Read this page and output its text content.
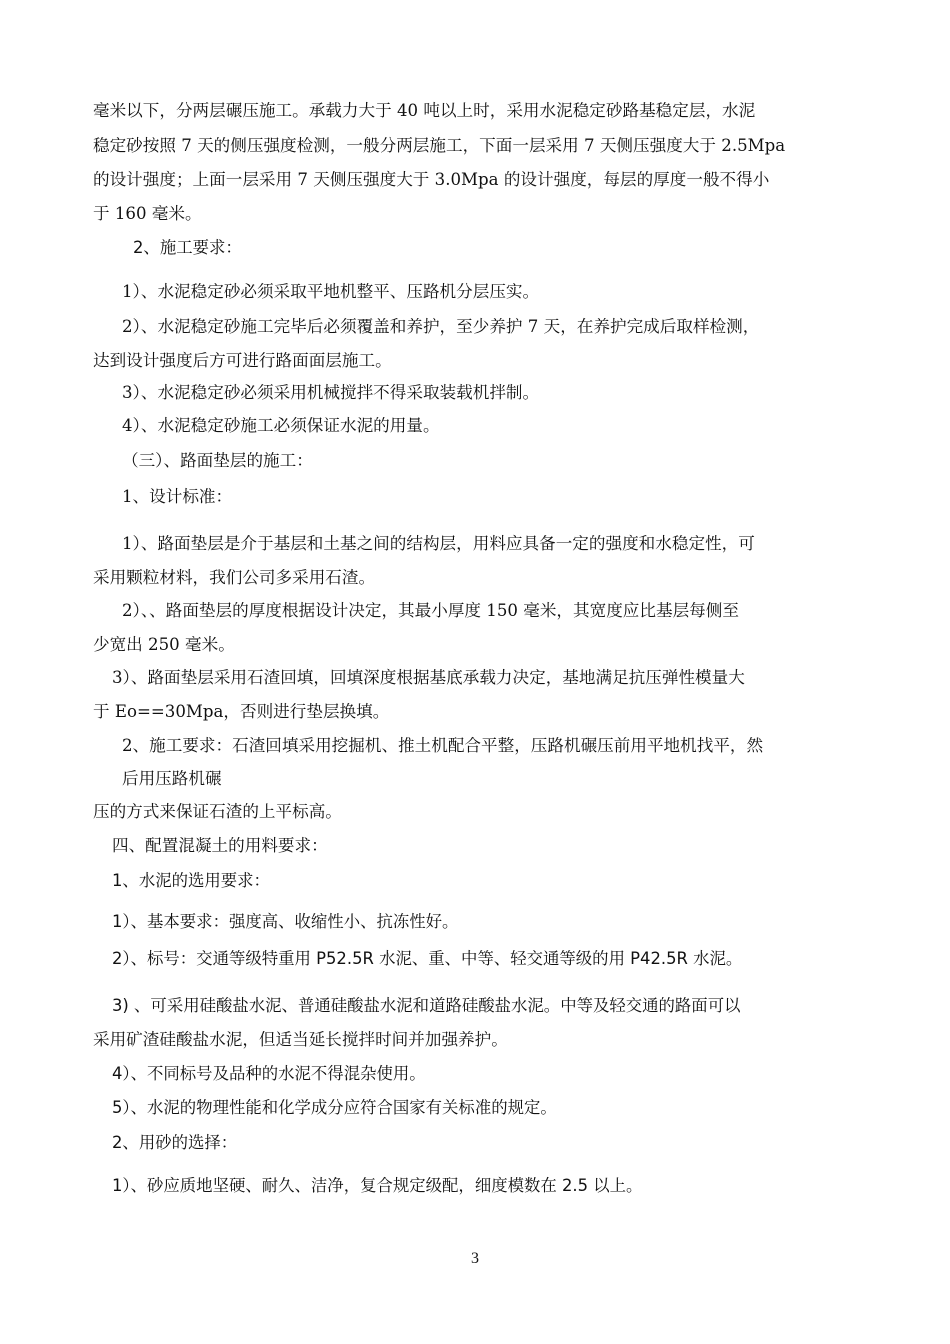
毫米以下，分两层碾压施工。承载力大于 40 吨以上时，采用水泥稳定砂路基稳定层，水泥
稳定砂按照 7 天的侧压强度检测，一般分两层施工，下面一层采用 7 天侧压强度大于 2.5Mpa
的设计强度；上面一层采用 7 天侧压强度大于 3.0Mpa 的设计强度，每层的厚度一般不得小
于 160 毫米。
2、施工要求：
1）、水泥稳定砂必须采取平地机整平、压路机分层压实。
2）、水泥稳定砂施工完毕后必须覆盖和养护，至少养护 7 天，在养护完成后取样检测，
达到设计强度后方可进行路面面层施工。
3）、水泥稳定砂必须采用机械搅拌不得采取装载机拌制。
4）、水泥稳定砂施工必须保证水泥的用量。
（三）、路面垫层的施工：
1、设计标准：
1）、路面垫层是介于基层和土基之间的结构层，用料应具备一定的强度和水稳定性，可
采用颗粒材料，我们公司多采用石渣。
2）、、路面垫层的厚度根据设计决定，其最小厚度 150 毫米，其宽度应比基层每侧至
少宽出 250 毫米。
3）、路面垫层采用石渣回填，回填深度根据基底承载力决定，基地满足抗压弹性模量大
于 Eo==30Mpa，否则进行垫层换填。
2、施工要求：石渣回填采用挖掘机、推土机配合平整，压路机碾压前用平地机找平，然
后用压路机碾
压的方式来保证石渣的上平标高。
四、配置混凝土的用料要求：
1、水泥的选用要求：
1）、基本要求：强度高、收缩性小、抗冻性好。
2）、标号：交通等级特重用 P52.5R 水泥、重、中等、轻交通等级的用 P42.5R 水泥。
3) 、可采用硅酸盐水泥、普通硅酸盐水泥和道路硅酸盐水泥。中等及轻交通的路面可以
采用矿渣硅酸盐水泥，但适当延长搅拌时间并加强养护。
4）、不同标号及品种的水泥不得混杂使用。
5）、水泥的物理性能和化学成分应符合国家有关标准的规定。
2、用砂的选择：
1）、砂应质地坚硬、耐久、洁净，复合规定级配，细度模数在 2.5 以上。
3
